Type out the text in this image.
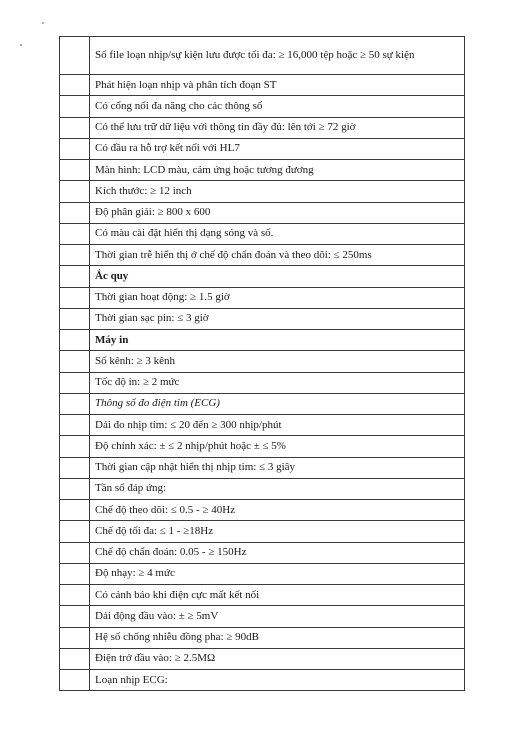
	Số file loạn nhịp/sự kiện lưu được tối đa: ≥ 16,000 tệp hoặc ≥ 50 sự kiện
	Phát hiện loạn nhịp và phân tích đoạn ST
	Có cổng nối đa năng cho các thông số
	Có thể lưu trữ dữ liệu với thông tin đầy đủ: lên tới ≥ 72 giờ
	Có đầu ra hỗ trợ kết nối với HL7
	Màn hình: LCD màu, cảm ứng hoặc tương đương
	Kích thước: ≥ 12 inch
	Độ phân giải: ≥ 800 x 600
	Có màu cài đặt hiển thị dạng sóng và số.
	Thời gian trễ hiển thị ở chế độ chẩn đoán và theo dõi: ≤ 250ms
	Ắc quy
	Thời gian hoạt động: ≥ 1.5 giờ
	Thời gian sạc pin: ≤ 3 giờ
	Máy in
	Số kênh: ≥ 3 kênh
	Tốc độ in: ≥ 2 mức
	Thông số đo điện tim (ECG)
	Dải đo nhịp tim: ≤ 20 đến ≥ 300 nhịp/phút
	Độ chính xác: ± ≤ 2 nhịp/phút hoặc ± ≤ 5%
	Thời gian cập nhật hiển thị nhịp tim: ≤ 3 giây
	Tần số đáp ứng:
	Chế độ theo dõi: ≤ 0.5 - ≥ 40Hz
	Chế độ tối đa: ≤ 1 - ≥18Hz
	Chế độ chẩn đoán: 0.05 - ≥ 150Hz
	Độ nhạy: ≥ 4 mức
	Có cảnh báo khi điện cực mất kết nối
	Dải động đầu vào: ± ≥ 5mV
	Hệ số chống nhiễu đồng pha: ≥ 90dB
	Điện trở đầu vào: ≥ 2.5MΩ
	Loạn nhịp ECG:
